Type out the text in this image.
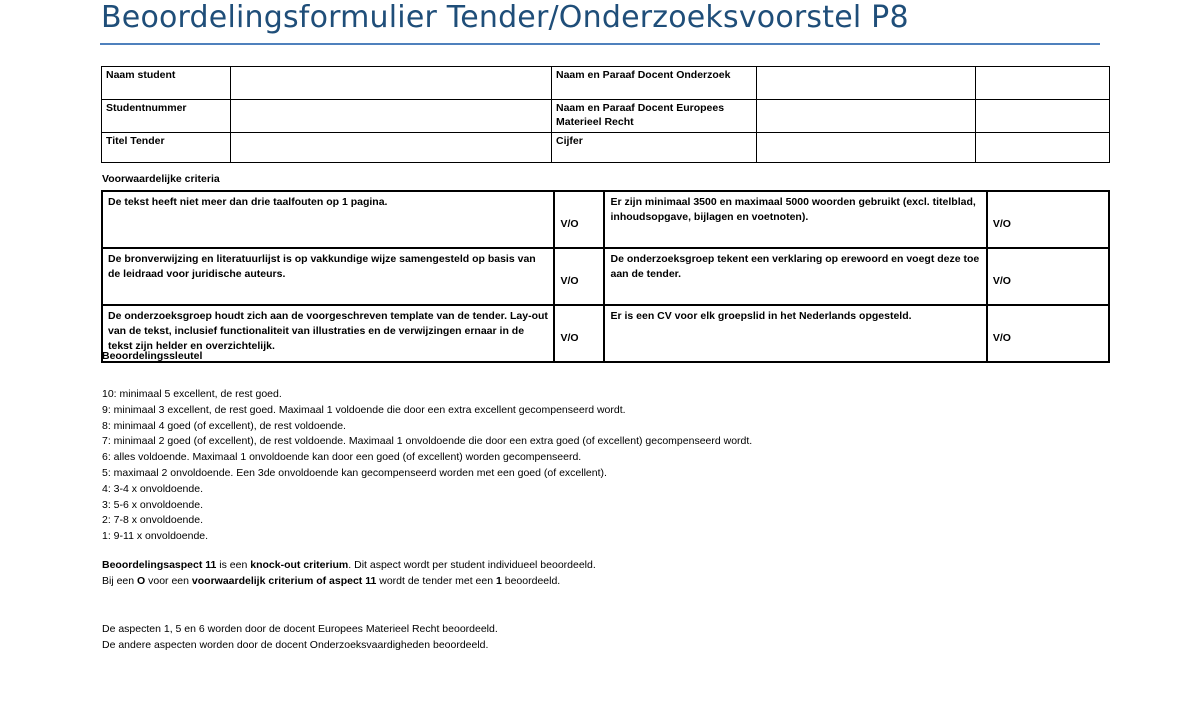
Beoordelingsformulier Tender/Onderzoeksvoorstel P8
Naam student		Naam en Paraaf Docent Onderzoek		
Studentnummer		Naam en Paraaf Docent Europees
Materieel Recht		
Titel Tender		Cijfer		
Voorwaardelijke criteria
De tekst heeft niet meer dan drie taalfouten op 1 pagina.	V/O	Er zijn minimaal 3500 en maximaal 5000 woorden gebruikt (excl. titelblad, inhoudsopgave, bijlagen en voetnoten).	V/O
De bronverwijzing en literatuurlijst is op vakkundige wijze samengesteld op basis van de leidraad voor juridische auteurs.	V/O	De onderzoeksgroep tekent een verklaring op erewoord en voegt deze toe aan de tender.	V/O
De onderzoeksgroep houdt zich aan de voorgeschreven template van de tender. Lay-out van de tekst, inclusief functionaliteit van illustraties en de verwijzingen ernaar in de tekst zijn helder en overzichtelijk.	V/O	Er is een CV voor elk groepslid in het Nederlands opgesteld.	V/O
Beoordelingssleutel
10: minimaal 5 excellent, de rest goed.
9: minimaal 3 excellent, de rest goed. Maximaal 1 voldoende die door een extra excellent gecompenseerd wordt.
8: minimaal 4 goed (of excellent), de rest voldoende.
7: minimaal 2 goed (of excellent), de rest voldoende. Maximaal 1 onvoldoende die door een extra goed (of excellent) gecompenseerd wordt.
6: alles voldoende. Maximaal 1 onvoldoende kan door een goed (of excellent) worden gecompenseerd.
5: maximaal 2 onvoldoende. Een 3de onvoldoende kan gecompenseerd worden met een goed (of excellent).
4: 3-4 x onvoldoende.
3: 5-6 x onvoldoende.
2: 7-8 x onvoldoende.
1: 9-11 x onvoldoende.
Beoordelingsaspect 11 is een knock-out criterium. Dit aspect wordt per student individueel beoordeeld.
Bij een O voor een voorwaardelijk criterium of aspect 11 wordt de tender met een 1 beoordeeld.
De aspecten 1, 5 en 6 worden door de docent Europees Materieel Recht beoordeeld.
De andere aspecten worden door de docent Onderzoeksvaardigheden beoordeeld.
